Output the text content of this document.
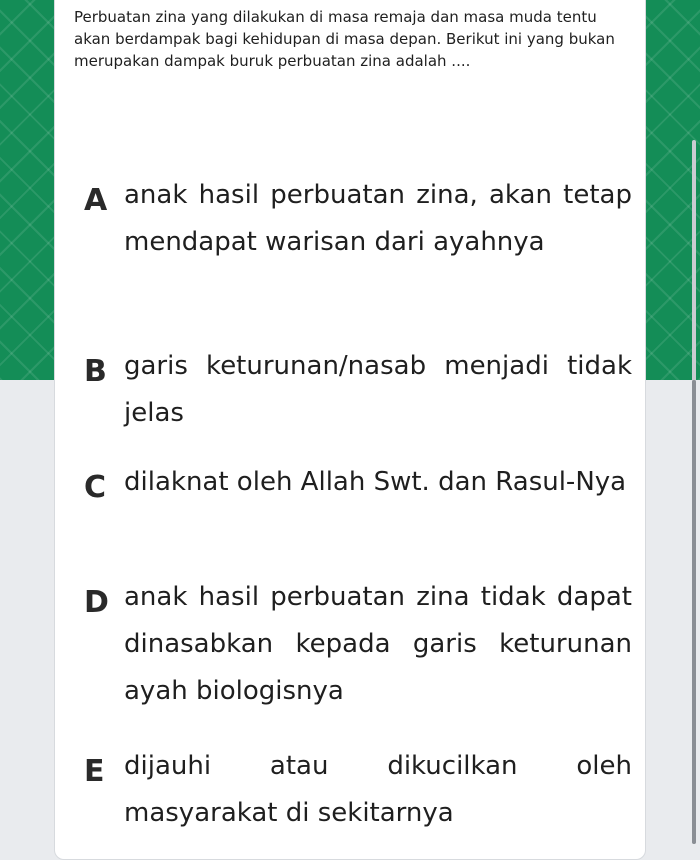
Perbuatan zina yang dilakukan di masa remaja dan masa muda tentu akan berdampak bagi kehidupan di masa depan. Berikut ini yang bukan merupakan dampak buruk perbuatan zina adalah ....

A anak hasil perbuatan zina, akan tetap mendapat warisan dari ayahnya
B garis keturunan/nasab menjadi tidak jelas
C dilaknat oleh Allah Swt. dan Rasul-Nya
D anak hasil perbuatan zina tidak dapat dinasabkan kepada garis keturunan ayah biologisnya
E dijauhi atau dikucilkan oleh masyarakat di sekitarnya
